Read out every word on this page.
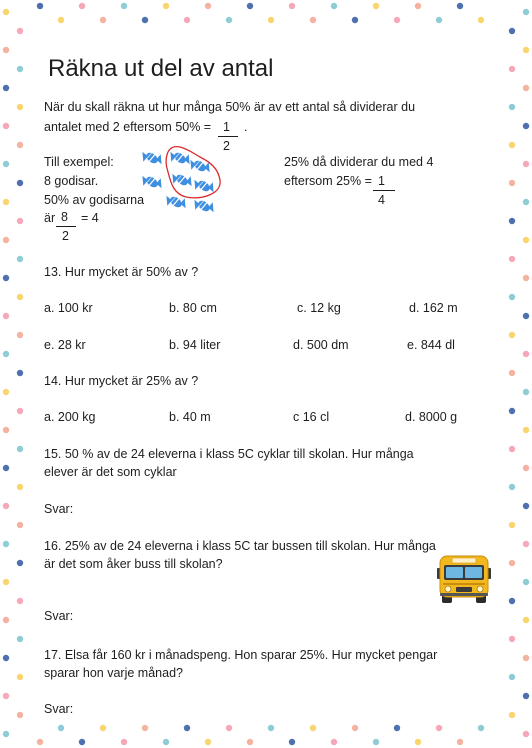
Räkna ut del av antal

När du skall räkna ut hur många 50% är av ett antal så dividerar du

antalet med 2 eftersom 50% = 1
2

.

Till exempel:

8 godisar.

50% av godisarna

är 8
2

= 4

25% då dividerar du med 4

eftersom 25% = 1
4

13. Hur mycket är 50% av ?

a. 100 kr	b. 80 cm	c. 12 kg	d. 162 m

e. 28 kr	b. 94 liter	d. 500 dm	e. 844 dl

14. Hur mycket är 25% av ?

a. 200 kg	b. 40 m	c 16 cl	d. 8000 g

15. 50 % av de 24 eleverna i klass 5C cyklar till skolan. Hur många

elever är det som cyklar

Svar:

16. 25% av de 24 eleverna i klass 5C tar bussen till skolan. Hur många

är det som åker buss till skolan?

Svar:

17. Elsa får 160 kr i månadspeng. Hon sparar 25%. Hur mycket pengar

sparar hon varje månad?

Svar:
